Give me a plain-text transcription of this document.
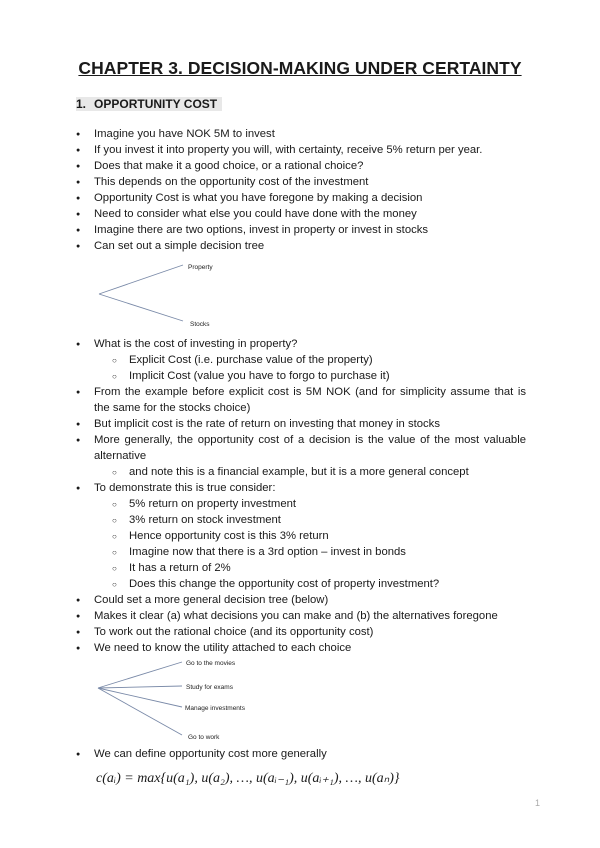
CHAPTER 3. DECISION-MAKING UNDER CERTAINTY
1. OPPORTUNITY COST
● Imagine you have NOK 5M to invest
● If you invest it into property you will, with certainty, receive 5% return per year.
● Does that make it a good choice, or a rational choice?
● This depends on the opportunity cost of the investment
● Opportunity Cost is what you have foregone by making a decision
● Need to consider what else you could have done with the money
● Imagine there are two options, invest in property or invest in stocks
● Can set out a simple decision tree
Property
Stocks
● What is the cost of investing in property?
○ Explicit Cost (i.e. purchase value of the property)
○ Implicit Cost (value you have to forgo to purchase it)
● From the example before explicit cost is 5M NOK (and for simplicity assume that is
the same for the stocks choice)
● But implicit cost is the rate of return on investing that money in stocks
● More generally, the opportunity cost of a decision is the value of the most valuable
alternative
○ and note this is a financial example, but it is a more general concept
● To demonstrate this is true consider:
○ 5% return on property investment
○ 3% return on stock investment
○ Hence opportunity cost is this 3% return
○ Imagine now that there is a 3rd option – invest in bonds
○ It has a return of 2%
○ Does this change the opportunity cost of property investment?
● Could set a more general decision tree (below)
● Makes it clear (a) what decisions you can make and (b) the alternatives foregone
● To work out the rational choice (and its opportunity cost)
● We need to know the utility attached to each choice
Go to the movies
Study for exams
Manage investments
Go to work
● We can define opportunity cost more generally
c(aᵢ) = max{u(a₁), u(a₂), …, u(aᵢ₋₁), u(aᵢ₊₁), …, u(aₙ)}
1
